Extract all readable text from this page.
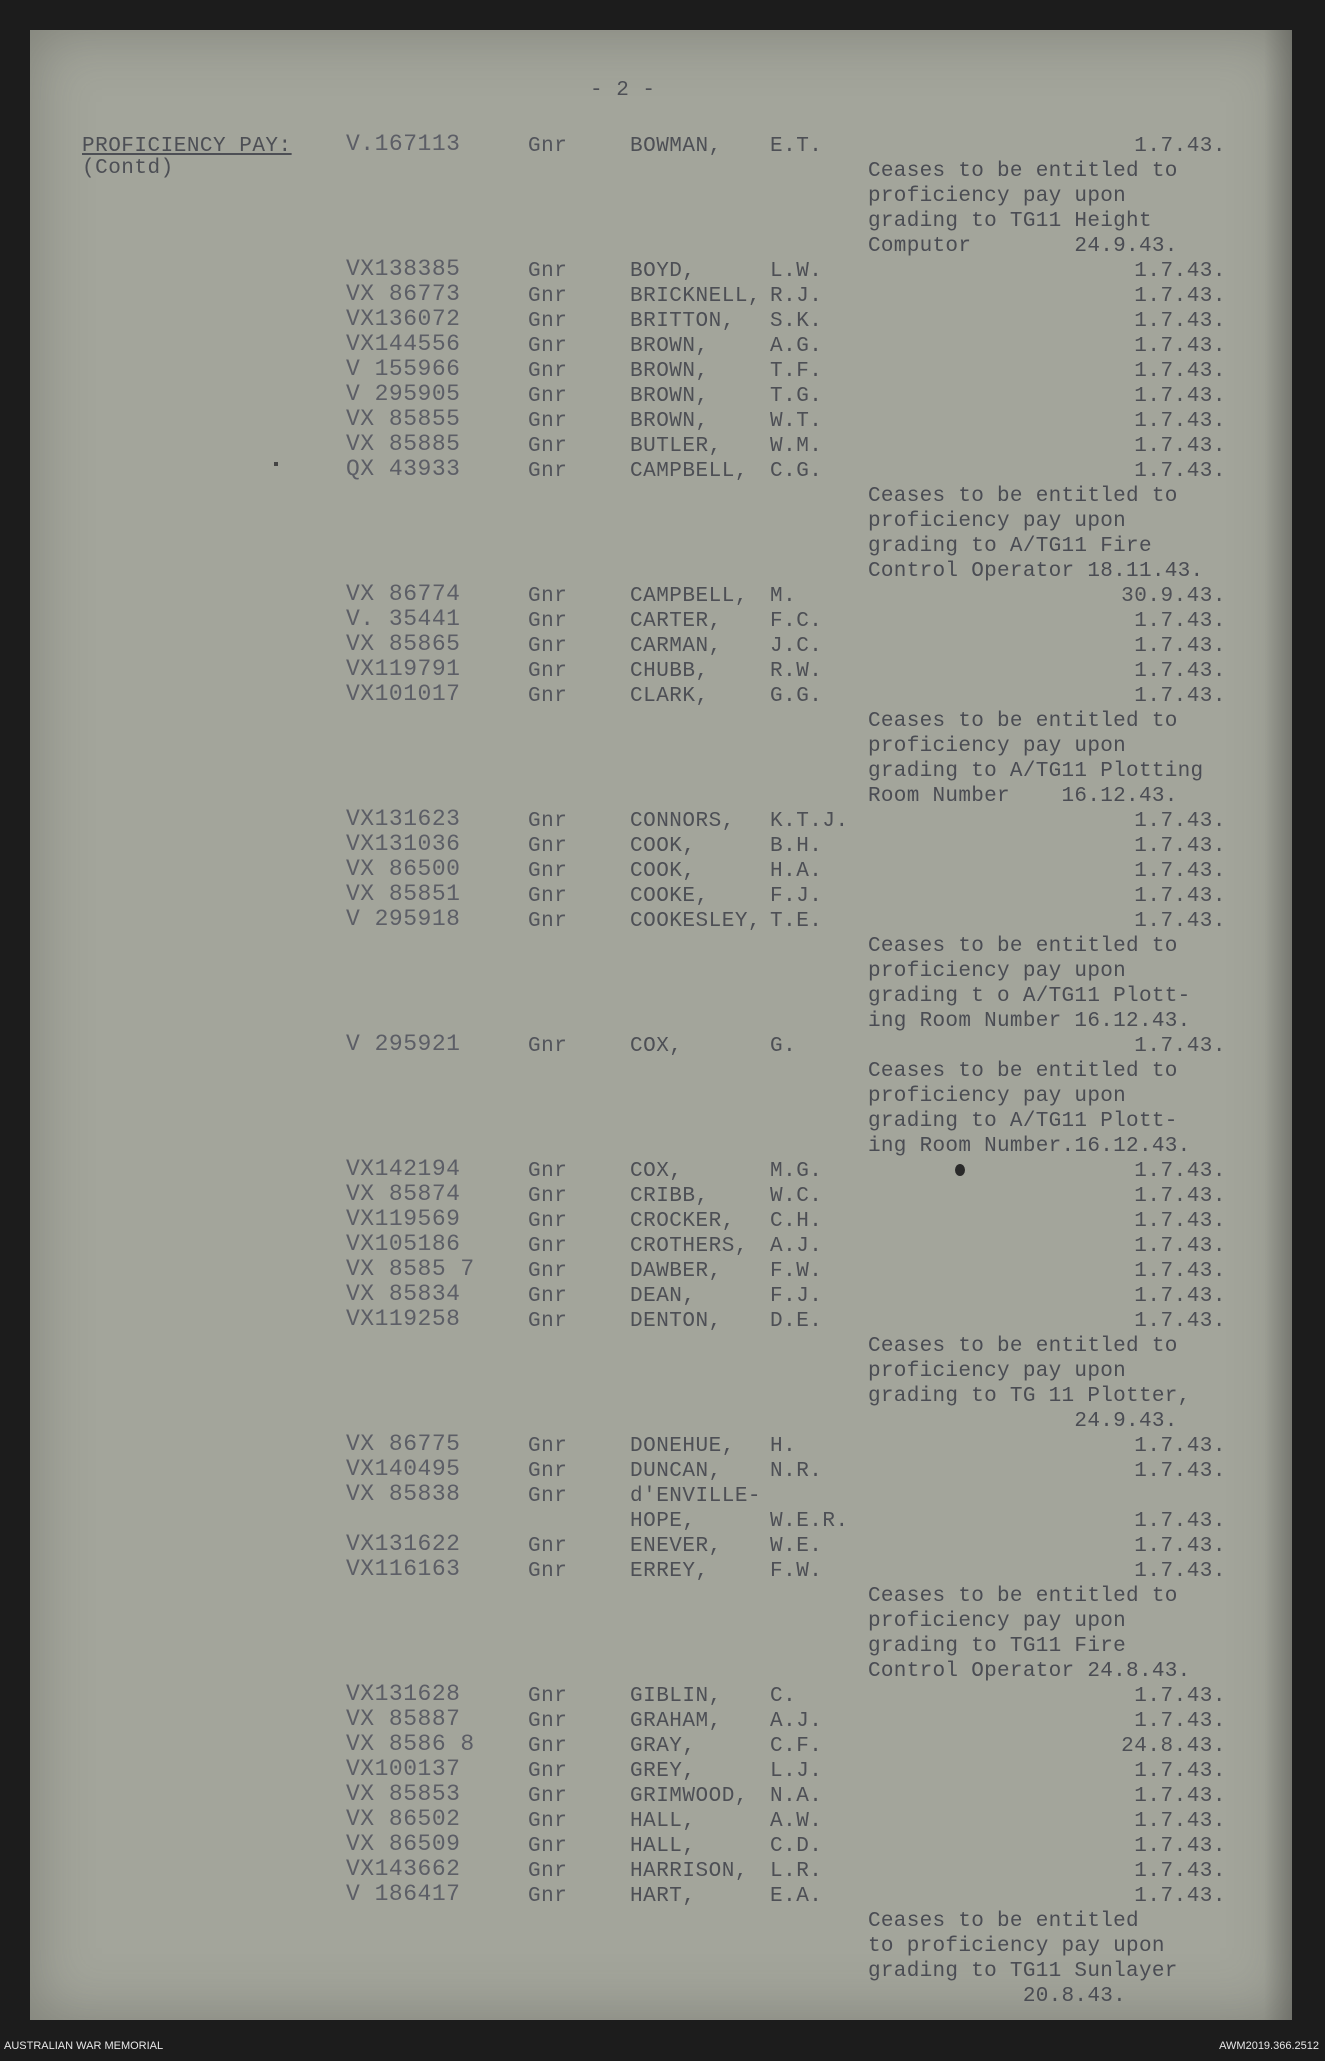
- 2 -
PROFICIENCY PAY:
(Contd)
V.167113	Gnr	BOWMAN, E.T.	1.7.43.
Ceases to be entitled to
proficiency pay upon
grading to TG11 Height
Computor        24.9.43.
VX138385	Gnr	BOYD,	L.W.	1.7.43.
VX 86773	Gnr	BRICKNELL, R.J.	1.7.43.
VX136072	Gnr	BRITTON, S.K.	1.7.43.
VX144556	Gnr	BROWN,	A.G.	1.7.43.
V 155966	Gnr	BROWN,	T.F.	1.7.43.
V 295905	Gnr	BROWN,	T.G.	1.7.43.
VX 85855	Gnr	BROWN,	W.T.	1.7.43.
VX 85885	Gnr	BUTLER, W.M.	1.7.43.
QX 43933	Gnr	CAMPBELL, C.G.	1.7.43.
Ceases to be entitled to
proficiency pay upon
grading to A/TG11 Fire
Control Operator 18.11.43.
VX 86774	Gnr	CAMPBELL, M.	30.9.43.
V. 35441	Gnr	CARTER, F.C.	1.7.43.
VX 85865	Gnr	CARMAN, J.C.	1.7.43.
VX119791	Gnr	CHUBB,	R.W.	1.7.43.
VX101017	Gnr	CLARK,	G.G.	1.7.43.
Ceases to be entitled to
proficiency pay upon
grading to A/TG11 Plotting
Room Number    16.12.43.
VX131623	Gnr	CONNORS, K.T.J.	1.7.43.
VX131036	Gnr	COOK,	B.H.	1.7.43.
VX 86500	Gnr	COOK,	H.A.	1.7.43.
VX 85851	Gnr	COOKE,	F.J.	1.7.43.
V 295918	Gnr	COOKESLEY, T.E.	1.7.43.
Ceases to be entitled to
proficiency pay upon
grading t o A/TG11 Plott-
ing Room Number 16.12.43.
V 295921	Gnr	COX,	G.	1.7.43.
Ceases to be entitled to
proficiency pay upon
grading to A/TG11 Plott-
ing Room Number.16.12.43.
VX142194	Gnr	COX,	M.G.	1.7.43.
VX 85874	Gnr	CRIBB,	W.C.	1.7.43.
VX119569	Gnr	CROCKER, C.H.	1.7.43.
VX105186	Gnr	CROTHERS, A.J.	1.7.43.
VX 8585 7	Gnr	DAWBER, F.W.	1.7.43.
VX 85834	Gnr	DEAN,	F.J.	1.7.43.
VX119258	Gnr	DENTON, D.E.	1.7.43.
Ceases to be entitled to
proficiency pay upon
grading to TG 11 Plotter,
24.9.43.
VX 86775	Gnr	DONEHUE, H.	1.7.43.
VX140495	Gnr	DUNCAN, N.R.	1.7.43.
VX 85838	Gnr	d'ENVILLE-
HOPE,	W.E.R.	1.7.43.
VX131622	Gnr	ENEVER, W.E.	1.7.43.
VX116163	Gnr	ERREY,	F.W.	1.7.43.
Ceases to be entitled to
proficiency pay upon
grading to TG11 Fire
Control Operator 24.8.43.
VX131628	Gnr	GIBLIN, C.	1.7.43.
VX 85887	Gnr	GRAHAM, A.J.	1.7.43.
VX 8586 8	Gnr	GRAY,	C.F.	24.8.43.
VX100137	Gnr	GREY,	L.J.	1.7.43.
VX 85853	Gnr	GRIMWOOD, N.A.	1.7.43.
VX 86502	Gnr	HALL,	A.W.	1.7.43.
VX 86509	Gnr	HALL,	C.D.	1.7.43.
VX143662	Gnr	HARRISON, L.R.	1.7.43.
V 186417	Gnr	HART,	E.A.	1.7.43.
Ceases to be entitled
to proficiency pay upon
grading to TG11 Sunlayer
20.8.43.
AUSTRALIAN WAR MEMORIAL	AWM2019.366.2512
